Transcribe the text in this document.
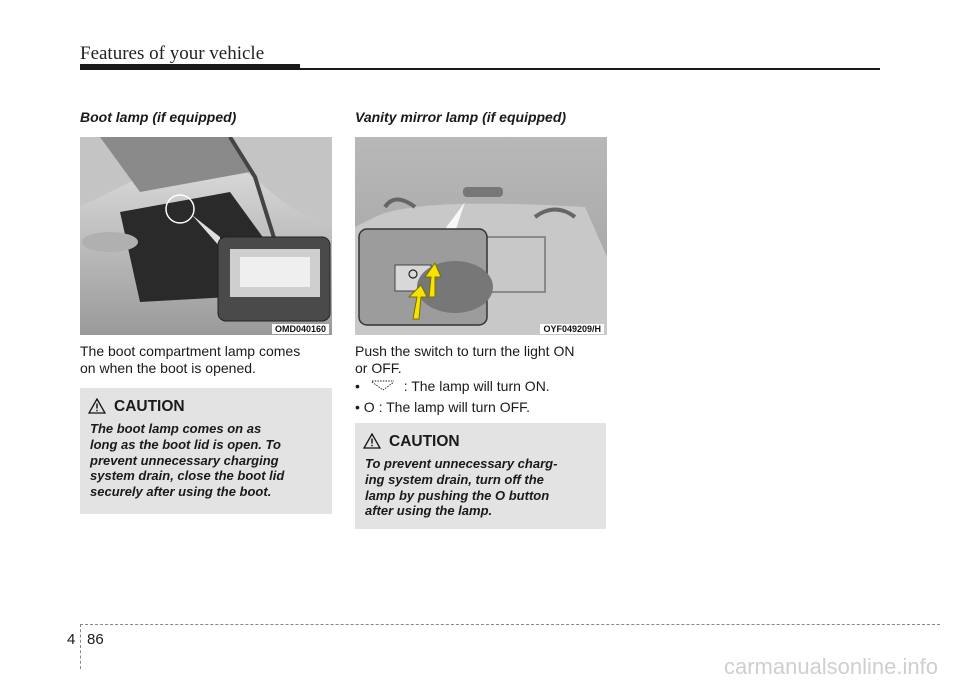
Features of your vehicle
Boot lamp (if equipped)
OMD040160
The boot compartment lamp comes
on when the boot is opened.
CAUTION
The boot lamp comes on as
long as the boot lid is open. To
prevent unnecessary charging
system drain, close the boot lid
securely after using the boot.
Vanity mirror lamp (if equipped)
OYF049209/H
Push the switch to turn the light ON
or OFF.
•	: The lamp will turn ON.
• O : The lamp will turn OFF.
CAUTION
To prevent unnecessary charg-
ing system drain, turn off the
lamp by pushing the O button
after using the lamp.
4 86
carmanualsonline.info
